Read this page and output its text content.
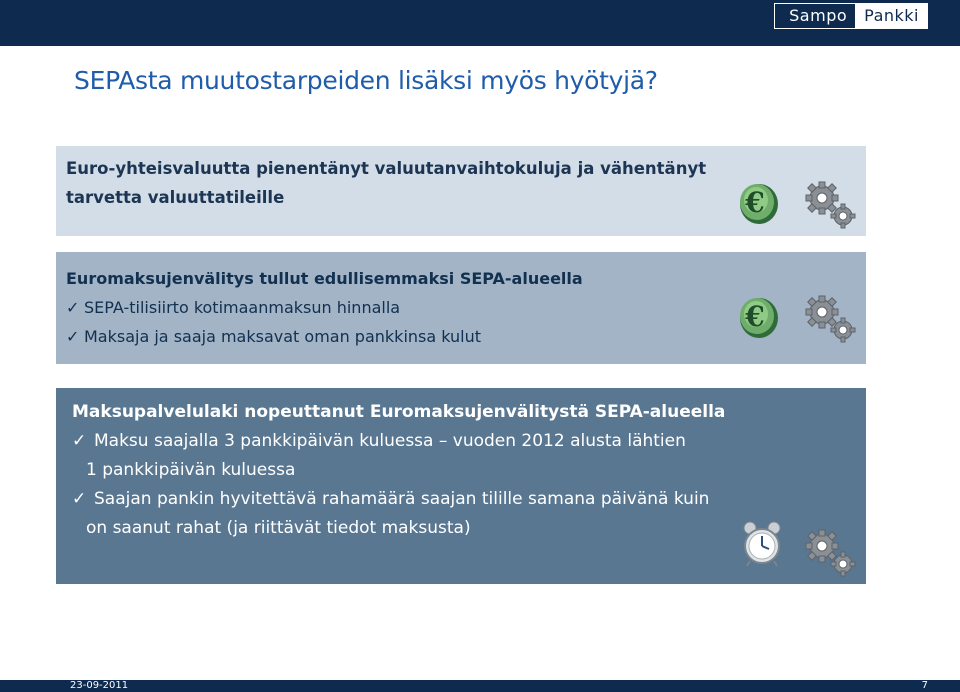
Sampo	Pankki
SEPAsta muutostarpeiden lisäksi myös hyötyjä?
Euro-yhteisvaluutta pienentänyt valuutanvaihtokuluja ja vähentänyt
tarvetta valuuttatileille
Euromaksujenvälitys tullut edullisemmaksi SEPA-alueella
✓ SEPA-tilisiirto kotimaanmaksun hinnalla
✓ Maksaja ja saaja maksavat oman pankkinsa kulut
Maksupalvelulaki nopeuttanut Euromaksujenvälitystä SEPA-alueella
✓ Maksu saajalla 3 pankkipäivän kuluessa – vuoden 2012 alusta lähtien
1 pankkipäivän kuluessa
✓ Saajan pankin hyvitettävä rahamäärä saajan tilille samana päivänä kuin
on saanut rahat (ja riittävät tiedot maksusta)
€
€
23-09-2011	7
